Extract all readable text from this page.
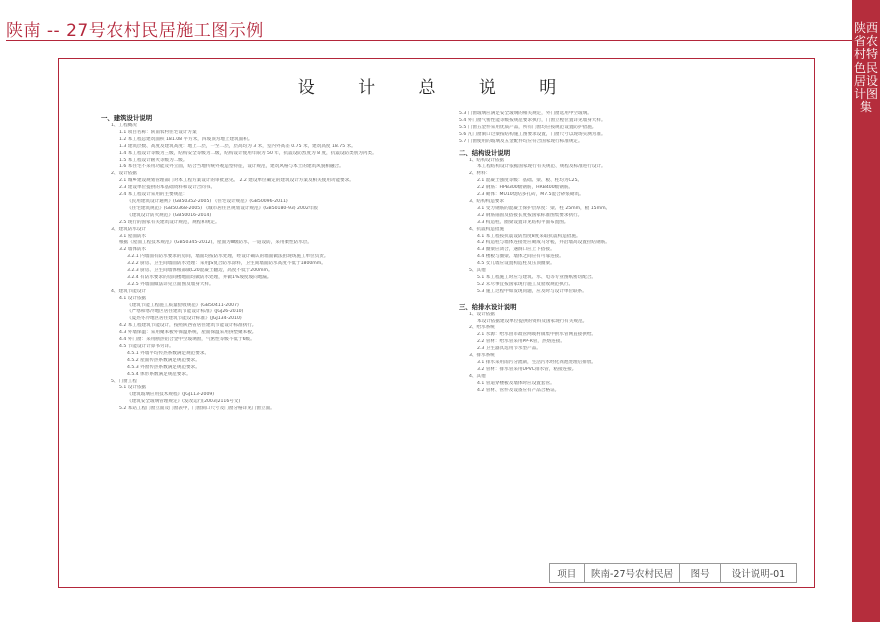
陕南 -- 27号农村民居施工图示例	陕西省农村特色民居设计图集
设 计 总 说 明
一、建筑设计说明
1、工程概况
1.1 项目名称：陕南农村住宅设计方案
1.2 本工程总建筑面积 181.08 平方米，四坡顶为地上建筑面积。
1.3 建筑层数、高度及建筑高度：地上二层，一至二层，层高均为 3 米，室内外高差 0.75 米，建筑高度 18.75 米。
1.4 本工程设计等级为三级，结构安全等级为二级，结构设计使用年限为 50 年，抗震设防烈度为 8 度，抗震设防类别为丙类。
1.5 本工程设计耐火等级为二级。
1.6 本住宅不采用功能及外立面，结合当地传统外观造型特征，设计规范，建筑风格与本土的建筑风貌相融合。
2、设计依据
2.1 城乡建设规划管理部门对本工程方案设计的审批意见。 2.2 建设单位确定的建筑设计方案及相关使用功能要求。
2.3 建设单位提供的本基础资料和设计合同书。
2.4 本工程设计采用的主要规范：
《民用建筑设计通则》(GB50352-2005) 《住宅设计规范》(GB50096-2011)
《住宅建筑规范》(GB50368-2005) 《城市居住区规划设计规范》(GB50180-93) 2002年版
《建筑设计防火规范》(GB50016-2014)
2.5 现行的国家有关建筑设计规范，规程和规定。
3、建筑防水设计
3.1 屋面防水
根据《屋面工程技术规范》(GB50345-2012)，屋面为Ⅲ级防水，一道设防，采用柔性防水层。
3.2 墙体防水
3.2.1 内墙面有防水要求的房间，墙面均按防水处理，经设计确认的墙面做法由现场施工单位负责。
3.2.2 厨房、卫生间墙面防水处理：采用JS复合防水涂料，卫生间墙面防水高度不低于1800mm。
3.2.3 厨房、卫生间墙体根部做C20混凝土翻边，高度不低于200mm。
3.2.4 有防水要求的房间楼地面均做防水处理，并做1%坡度坡向地漏。
3.2.5 外墙面做法详见立面图及墙身大样。
4、建筑节能设计
4.1 设计依据
《建筑节能工程施工质量验收规范》(GB50411-2007)
《严寒和寒冷地区居住建筑节能设计标准》(JGJ26-2010)
《夏热冬冷地区居住建筑节能设计标准》(JGJ134-2010)
4.2 本工程建筑节能设计，按照陕西省居住建筑节能设计标准执行。
4.3 外墙保温：采用聚苯板外保温系统，屋面保温采用挤塑聚苯板。
4.4 外门窗：采用断热铝合金中空玻璃窗，气密性等级不低于6级。
4.5 节能设计计算书另详。
4.5.1 外墙平均传热系数满足规范要求。
4.5.2 屋面传热系数满足规范要求。
4.5.3 外窗传热系数满足规范要求。
4.5.4 体形系数满足规范要求。
5、门窗工程
5.1 设计依据
《建筑玻璃应用技术规程》(JGJ113-2009)
《建筑安全玻璃管理规定》(发改运行[2003]2116号文)
5.2 本站工程门窗立面及门窗表中，门窗洞口尺寸及门窗分格详见门窗立面。
5.3 门窗玻璃应满足安全玻璃的相关规定，外门窗选用中空玻璃。
5.4 外门窗气密性能等级按规范要求执行，门窗立樘位置详见墙身大样。
5.5 门窗五金件采用优质产品，所有门窗均应按规范设置防护措施。
5.6 凡门窗洞口过梁按结构施工图要求设置，门窗尺寸以现场实测为准。
5.7 门窗使用的玻璃及五金配件均应符合国家现行标准规定。
二、结构设计说明
1、结构设计依据
本工程结构设计依据国家现行有关规范、规程及标准进行设计。
2、材料：
2.1 混凝土强度等级：基础、梁、板、柱均为C25。
2.2 钢筋：HPB300级钢筋，HRB400级钢筋。
2.3 砌体：MU10烧结多孔砖，M7.5混合砂浆砌筑。
3、结构构造要求
3.1 受力钢筋的混凝土保护层厚度：梁、柱 25mm，板 15mm。
3.2 钢筋锚固及搭接长度按国家标准图集要求执行。
3.3 构造柱、圈梁设置详见结构平面布置图。
4、抗震构造措施
4.1 本工程按抗震设防烈度8度采取抗震构造措施。
4.2 构造柱与墙体连接处应砌成马牙槎，并沿墙高设置拉结钢筋。
4.3 圈梁应闭合，遇洞口应上下搭接。
4.4 楼板与圈梁、墙体之间应有可靠连接。
4.5 女儿墙应设置构造柱及压顶圈梁。
5、其他
5.1 本工程施工时应与建筑、水、电等专业图纸密切配合。
5.2 未尽事宜按国家现行施工及验收规范执行。
5.3 施工过程中如发现问题，应及时与设计单位联系。
三、给排水设计说明
1、设计依据
本设计依据建设单位提供的资料及国家现行有关规范。
2、给水系统
2.1 水源：给水由市政管网或村镇集中供水管网直接供给。
2.2 管材：给水管采用PP-R管，热熔连接。
2.3 卫生器具选用节水型产品。
3、排水系统
3.1 排水采用雨污分流制，生活污水经化粪池处理后排放。
3.2 管材：排水管采用UPVC排水管，粘接连接。
4、其他
4.1 管道穿楼板及墙体时应设置套管。
4.2 管材、管件及设备应有产品合格证。
项目	陕南-27号农村民居	图号	设计说明-01
